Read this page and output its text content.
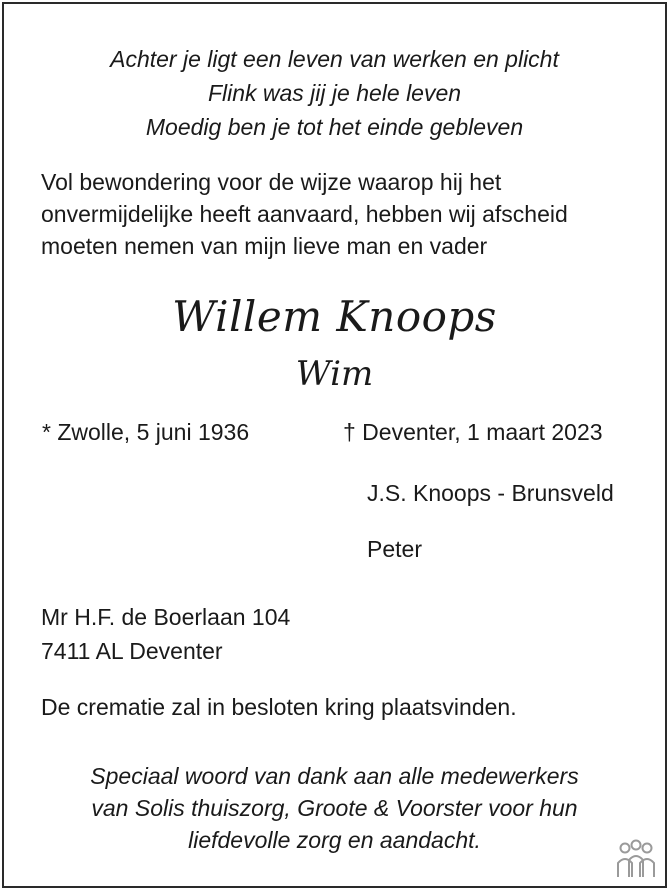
Achter je ligt een leven van werken en plicht
Flink was jij je hele leven
Moedig ben je tot het einde gebleven
Vol bewondering voor de wijze waarop hij het
onvermijdelijke heeft aanvaard, hebben wij afscheid
moeten nemen van mijn lieve man en vader
Willem Knoops
Wim
* Zwolle, 5 juni 1936	† Deventer, 1 maart 2023
J.S. Knoops - Brunsveld
Peter
Mr H.F. de Boerlaan 104
7411 AL Deventer
De crematie zal in besloten kring plaatsvinden.
Speciaal woord van dank aan alle medewerkers
van Solis thuiszorg, Groote & Voorster voor hun
liefdevolle zorg en aandacht.
